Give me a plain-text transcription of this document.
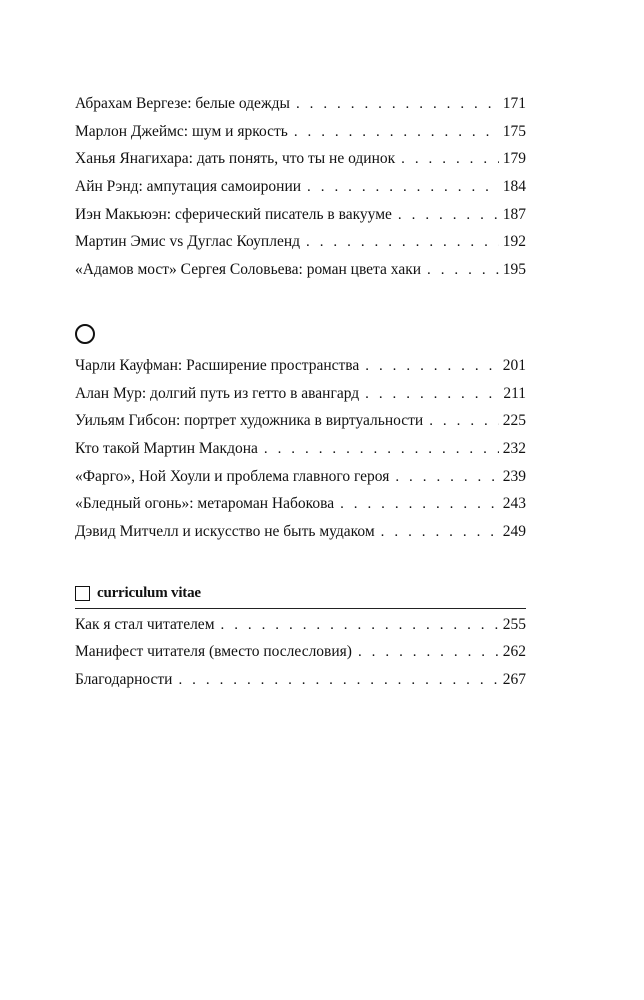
Абрахам Вергезе: белые одежды . . .	171
Марлон Джеймс: шум и яркость . . .	175
Ханья Янагихара: дать понять, что ты не одинок . . .	179
Айн Рэнд: ампутация самоиронии . . .	184
Иэн Макьюэн: сферический писатель в вакууме . . .	187
Мартин Эмис vs Дуглас Коупленд . . .	192
«Адамов мост» Сергея Соловьева: роман цвета хаки . . .	195
Чарли Кауфман: Расширение пространства . . .	201
Алан Мур: долгий путь из гетто в авангард . . .	211
Уильям Гибсон: портрет художника в виртуальности . . .	225
Кто такой Мартин Макдона . . .	232
«Фарго», Ной Хоули и проблема главного героя . . .	239
«Бледный огонь»: метароман Набокова . . .	243
Дэвид Митчелл и искусство не быть мудаком . . .	249
curriculum vitae
Как я стал читателем . . .	255
Манифест читателя (вместо послесловия) . . .	262
Благодарности . . .	267
